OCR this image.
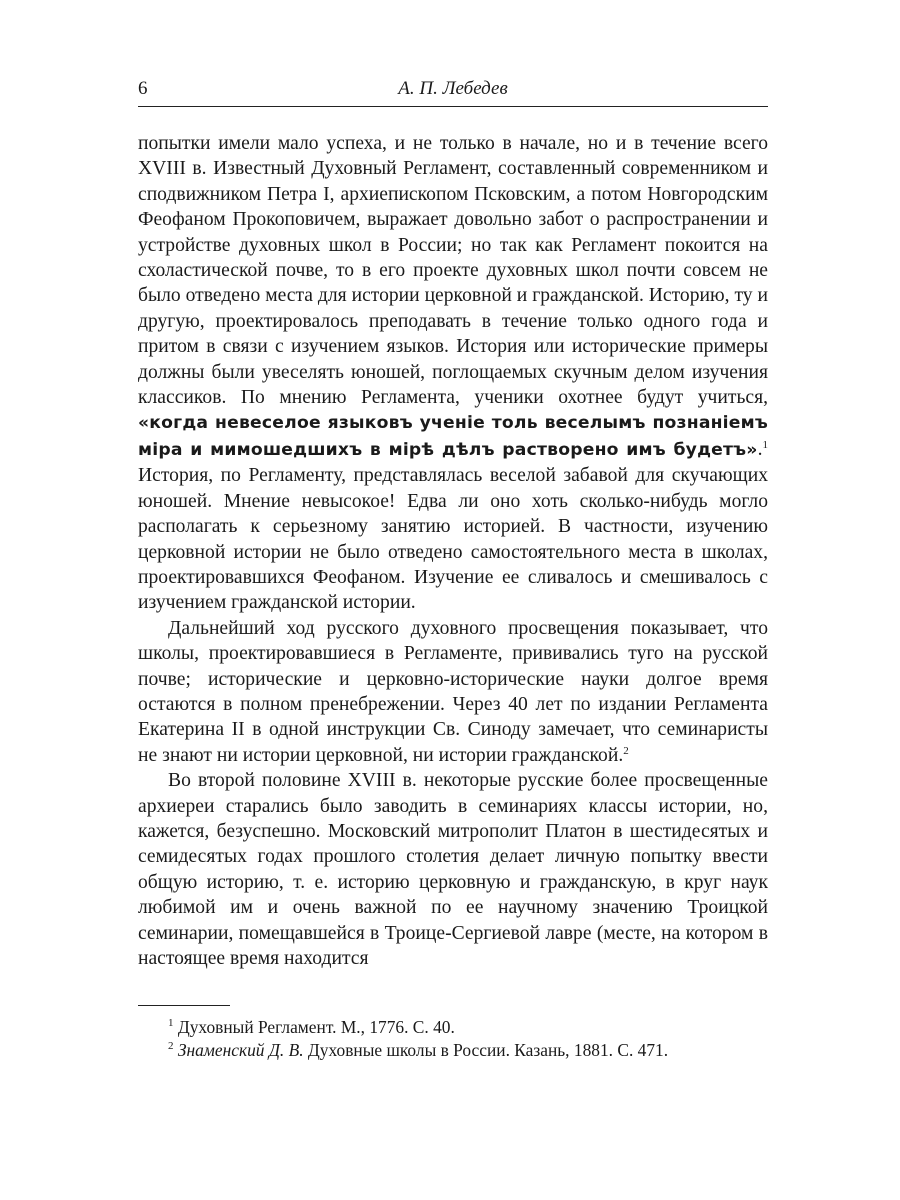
6	А. П. Лебедев

попытки имели мало успеха, и не только в начале, но и в течение всего XVIII в. Известный Духовный Регламент, составленный современником и сподвижником Петра I, архиепископом Псковским, а потом Новгородским Феофаном Прокоповичем, выражает довольно забот о распространении и устройстве духовных школ в России; но так как Регламент покоится на схоластической почве, то в его проекте духовных школ почти совсем не было отведено места для истории церковной и гражданской. Историю, ту и другую, проектировалось преподавать в течение только одного года и притом в связи с изучением языков. История или исторические примеры должны были увеселять юношей, поглощаемых скучным делом изучения классиков. По мнению Регламента, ученики охотнее будут учиться, «когда невеселое языковъ ученіе толь веселымъ познаніемъ міра и мимошедшихъ в мірѣ дѣлъ растворено имъ будетъ».$^1$ История, по Регламенту, представлялась веселой забавой для скучающих юношей. Мнение невысокое! Едва ли оно хоть сколько-нибудь могло располагать к серьезному занятию историей. В частности, изучению церковной истории не было отведено самостоятельного места в школах, проектировавшихся Феофаном. Изучение ее сливалось и смешивалось с изучением гражданской истории.

Дальнейший ход русского духовного просвещения показывает, что школы, проектировавшиеся в Регламенте, прививались туго на русской почве; исторические и церковно-исторические науки долгое время остаются в полном пренебрежении. Через 40 лет по издании Регламента Екатерина II в одной инструкции Св. Синоду замечает, что семинаристы не знают ни истории церковной, ни истории гражданской.$^2$

Во второй половине XVIII в. некоторые русские более просвещенные архиереи старались было заводить в семинариях классы истории, но, кажется, безуспешно. Московский митрополит Платон в шестидесятых и семидесятых годах прошлого столетия делает личную попытку ввести общую историю, т. е. историю церковную и гражданскую, в круг наук любимой им и очень важной по ее научному значению Троицкой семинарии, помещавшейся в Троице-Сергиевой лавре (месте, на котором в настоящее время находится

$^1$ Духовный Регламент. М., 1776. С. 40.

$^2$ Знаменский Д. В. Духовные школы в России. Казань, 1881. С. 471.
